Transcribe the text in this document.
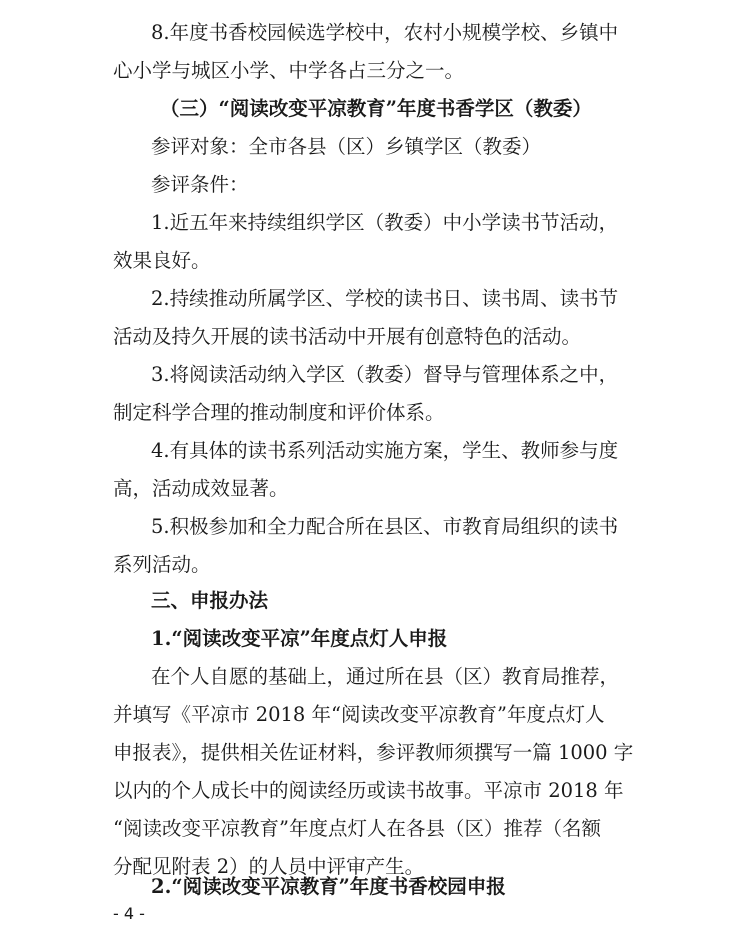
8.年度书香校园候选学校中，农村小规模学校、乡镇中
心小学与城区小学、中学各占三分之一。
（三）“阅读改变平凉教育”年度书香学区（教委）
参评对象：全市各县（区）乡镇学区（教委）
参评条件：
1.近五年来持续组织学区（教委）中小学读书节活动，
效果良好。
2.持续推动所属学区、学校的读书日、读书周、读书节
活动及持久开展的读书活动中开展有创意特色的活动。
3.将阅读活动纳入学区（教委）督导与管理体系之中，
制定科学合理的推动制度和评价体系。
4.有具体的读书系列活动实施方案，学生、教师参与度
高，活动成效显著。
5.积极参加和全力配合所在县区、市教育局组织的读书
系列活动。
三、申报办法
1.“阅读改变平凉”年度点灯人申报
在个人自愿的基础上，通过所在县（区）教育局推荐，
并填写《平凉市 2018 年“阅读改变平凉教育”年度点灯人
申报表》，提供相关佐证材料，参评教师须撰写一篇 1000 字
以内的个人成长中的阅读经历或读书故事。平凉市 2018 年
“阅读改变平凉教育”年度点灯人在各县（区）推荐（名额
分配见附表 2）的人员中评审产生。
2.“阅读改变平凉教育”年度书香校园申报
- 4 -
